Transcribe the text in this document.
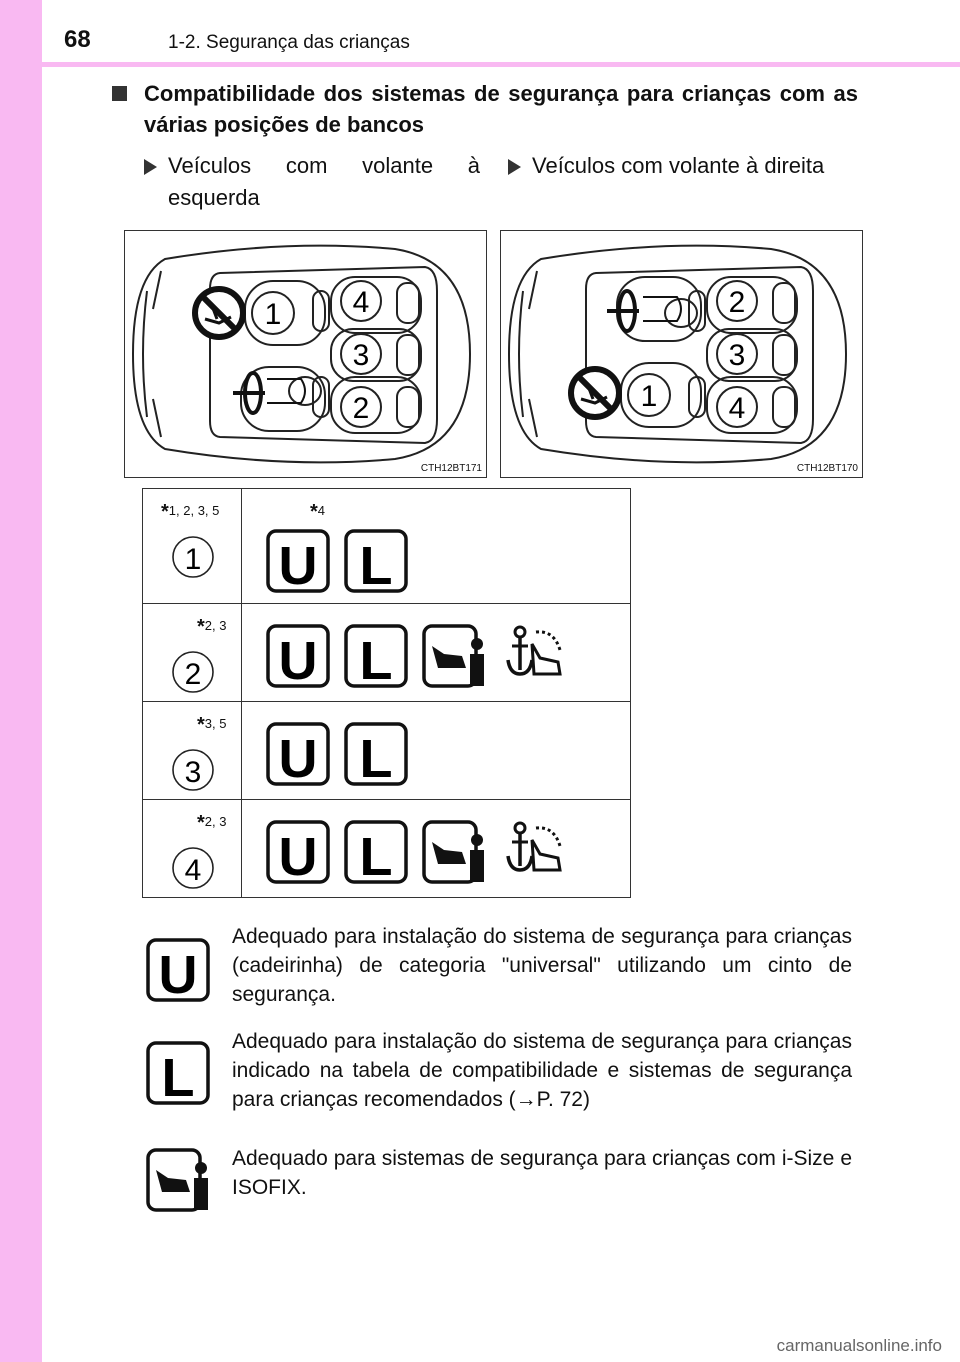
68	1-2. Segurança das crianças
Compatibilidade dos sistemas de segurança para crianças com as várias posições de bancos
Veículos com volante à esquerda
Veículos com volante à direita
1 4
3
2
CTH12BT171
2
3
1 4
CTH12BT170
*1, 2, 3, 5
1	*4
U L

*2, 3
2	U L

*3, 5
3	U L

*2, 3
4	U L
U
Adequado para instalação do sistema de segurança para crianças (cadeirinha) de categoria "universal" utilizando um cinto de segurança.
L
Adequado para instalação do sistema de segurança para crianças indicado na tabela de compatibilidade e sistemas de segurança para crianças recomendados (→P. 72)
Adequado para sistemas de segurança para crianças com i-Size e ISOFIX.
carmanualsonline.info
